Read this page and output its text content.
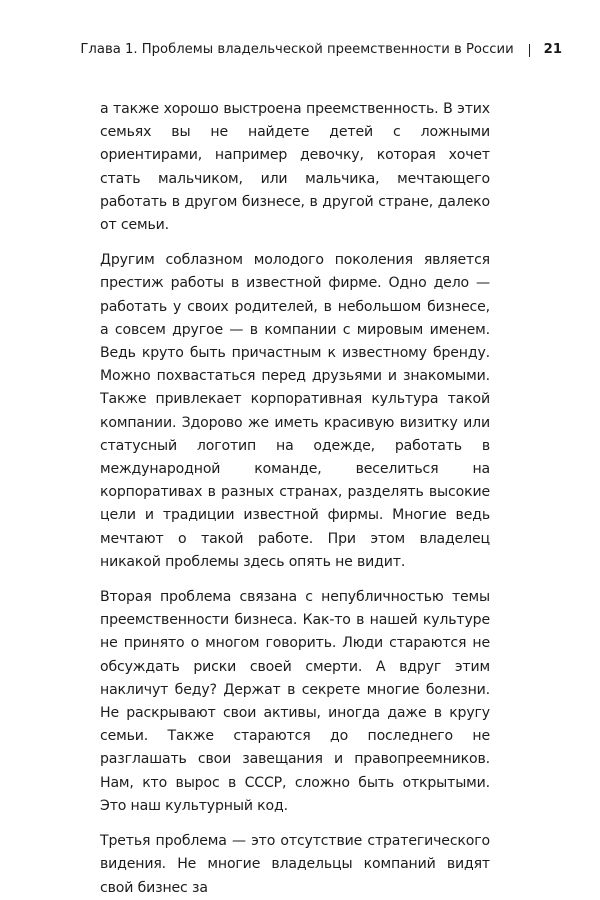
Глава 1. Проблемы владельческой преемственности в России 21

а также хорошо выстроена преемственность. В этих семьях вы не найдете детей с ложными ориентирами, например девочку, которая хочет стать мальчиком, или мальчика, мечтающего работать в другом бизнесе, в другой стране, далеко от семьи.

Другим соблазном молодого поколения является престиж работы в известной фирме. Одно дело — работать у своих родителей, в небольшом бизнесе, а совсем другое — в компании с мировым именем. Ведь круто быть причастным к известному бренду. Можно похвастаться перед друзьями и знакомыми. Также привлекает корпоративная культура такой компании. Здорово же иметь красивую визитку или статусный логотип на одежде, работать в международной команде, веселиться на корпоративах в разных странах, разделять высокие цели и традиции известной фирмы. Многие ведь мечтают о такой работе. При этом владелец никакой проблемы здесь опять не видит.

Вторая проблема связана с непубличностью темы преемственности бизнеса. Как-то в нашей культуре не принято о многом говорить. Люди стараются не обсуждать риски своей смерти. А вдруг этим накличут беду? Держат в секрете многие болезни. Не раскрывают свои активы, иногда даже в кругу семьи. Также стараются до последнего не разглашать свои завещания и правопреемников. Нам, кто вырос в СССР, сложно быть открытыми. Это наш культурный код.

Третья проблема — это отсутствие стратегического видения. Не многие владельцы компаний видят свой бизнес за
